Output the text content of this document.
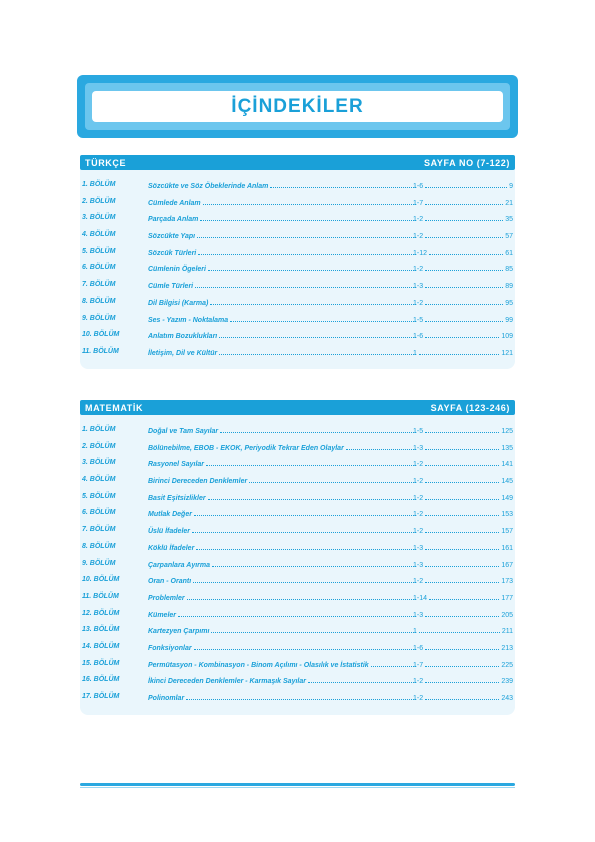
İÇİNDEKİLER
TÜRKÇE	SAYFA NO (7-122)
1. BÖLÜM	Sözcükte ve Söz Öbeklerinde Anlam	1-6	9
2. BÖLÜM	Cümlede Anlam	1-7	21
3. BÖLÜM	Parçada Anlam	1-2	35
4. BÖLÜM	Sözcükte Yapı	1-2	57
5. BÖLÜM	Sözcük Türleri	1-12	61
6. BÖLÜM	Cümlenin Ögeleri	1-2	85
7. BÖLÜM	Cümle Türleri	1-3	89
8. BÖLÜM	Dil Bilgisi (Karma)	1-2	95
9. BÖLÜM	Ses - Yazım - Noktalama	1-5	99
10. BÖLÜM	Anlatım Bozuklukları	1-6	109
11. BÖLÜM	İletişim, Dil ve Kültür	1	121
MATEMATİK	SAYFA (123-246)
1. BÖLÜM	Doğal ve Tam Sayılar	1-5	125
2. BÖLÜM	Bölünebilme, EBOB - EKOK, Periyodik Tekrar Eden Olaylar	1-3	135
3. BÖLÜM	Rasyonel Sayılar	1-2	141
4. BÖLÜM	Birinci Dereceden Denklemler	1-2	145
5. BÖLÜM	Basit Eşitsizlikler	1-2	149
6. BÖLÜM	Mutlak Değer	1-2	153
7. BÖLÜM	Üslü İfadeler	1-2	157
8. BÖLÜM	Köklü İfadeler	1-3	161
9. BÖLÜM	Çarpanlara Ayırma	1-3	167
10. BÖLÜM	Oran - Orantı	1-2	173
11. BÖLÜM	Problemler	1-14	177
12. BÖLÜM	Kümeler	1-3	205
13. BÖLÜM	Kartezyen Çarpımı	1	211
14. BÖLÜM	Fonksiyonlar	1-6	213
15. BÖLÜM	Permütasyon - Kombinasyon - Binom Açılımı - Olasılık ve İstatistik	1-7	225
16. BÖLÜM	İkinci Dereceden Denklemler - Karmaşık Sayılar	1-2	239
17. BÖLÜM	Polinomlar	1-2	243
